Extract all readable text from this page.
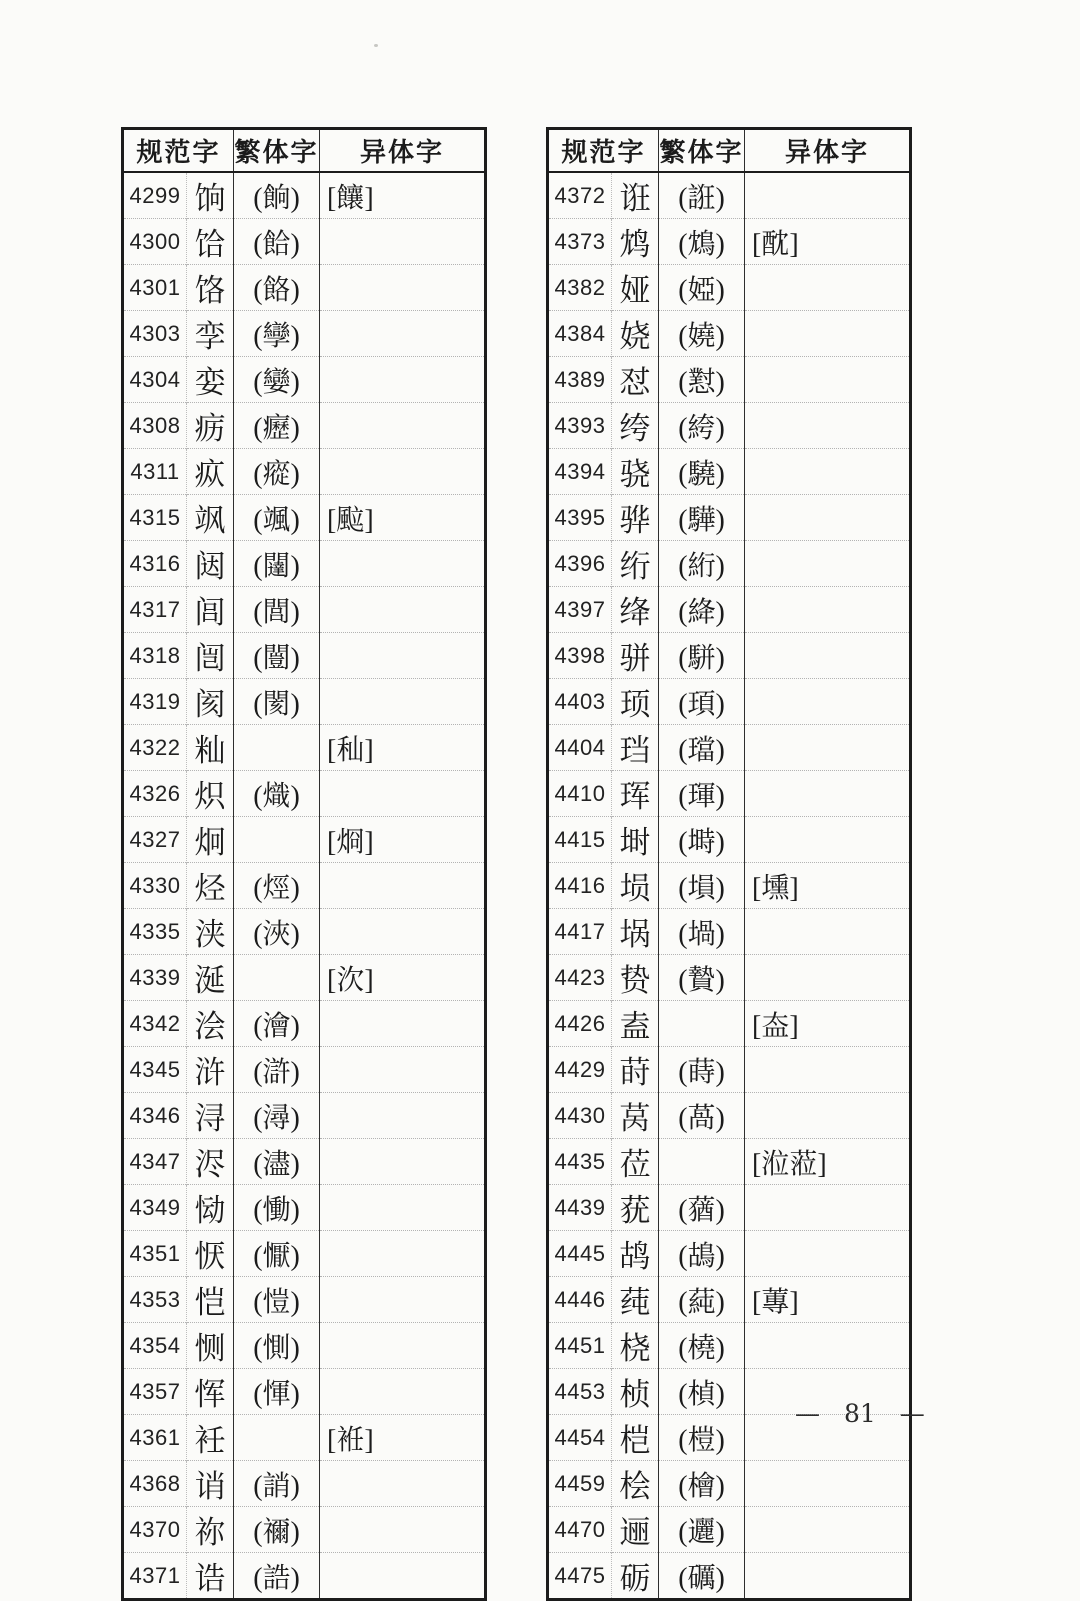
规范字		繁体字	异体字
4299	饷	(餉)	[饟]
4300	饸	(餄)	
4301	饹	(餎)	
4303	孪	(孿)	
4304	娈	(孌)	
4308	疬	(癧)	
4311	疭	(瘲)	
4315	飒	(颯)	[䬃]
4316	闼	(闥)	
4317	闾	(閭)	
4318	闿	(闓)	
4319	阂	(閡)	
4322	籼		[秈]
4326	炽	(熾)	
4327	炯		[烱]
4330	烃	(烴)	
4335	浃	(浹)	
4339	涎		[㳄]
4342	浍	(澮)	
4345	浒	(滸)	
4346	浔	(潯)	
4347	浕	(濜)	
4349	恸	(慟)	
4351	恹	(懨)	
4353	恺	(愷)	
4354	恻	(惻)	
4357	恽	(惲)	
4361	衽		[袵]
4368	诮	(誚)	
4370	祢	(禰)	
4371	诰	(誥)	
规范字		繁体字	异体字
4372	诳	(誑)	
4373	鸩	(鴆)	[酖]
4382	娅	(婭)	
4384	娆	(嬈)	
4389	怼	(懟)	
4393	绔	(絝)	
4394	骁	(驍)	
4395	骅	(驊)	
4396	绗	(絎)	
4397	绛	(絳)	
4398	骈	(駢)	
4403	顼	(頊)	
4404	珰	(璫)	
4410	珲	(琿)	
4415	埘	(塒)	
4416	埙	(塤)	[壎]
4417	埚	(堝)	
4423	贽	(贄)	
4426	盍		[盇]
4429	莳	(蒔)	
4430	莴	(萵)	
4435	莅		[涖蒞]
4439	莸	(蕕)	
4445	鸪	(鴣)	
4446	莼	(蒓)	[蓴]
4451	桡	(橈)	
4453	桢	(楨)	
4454	桤	(榿)	
4459	桧	(檜)	
4470	逦	(邐)	
4475	砺	(礪)	
— 81 —
